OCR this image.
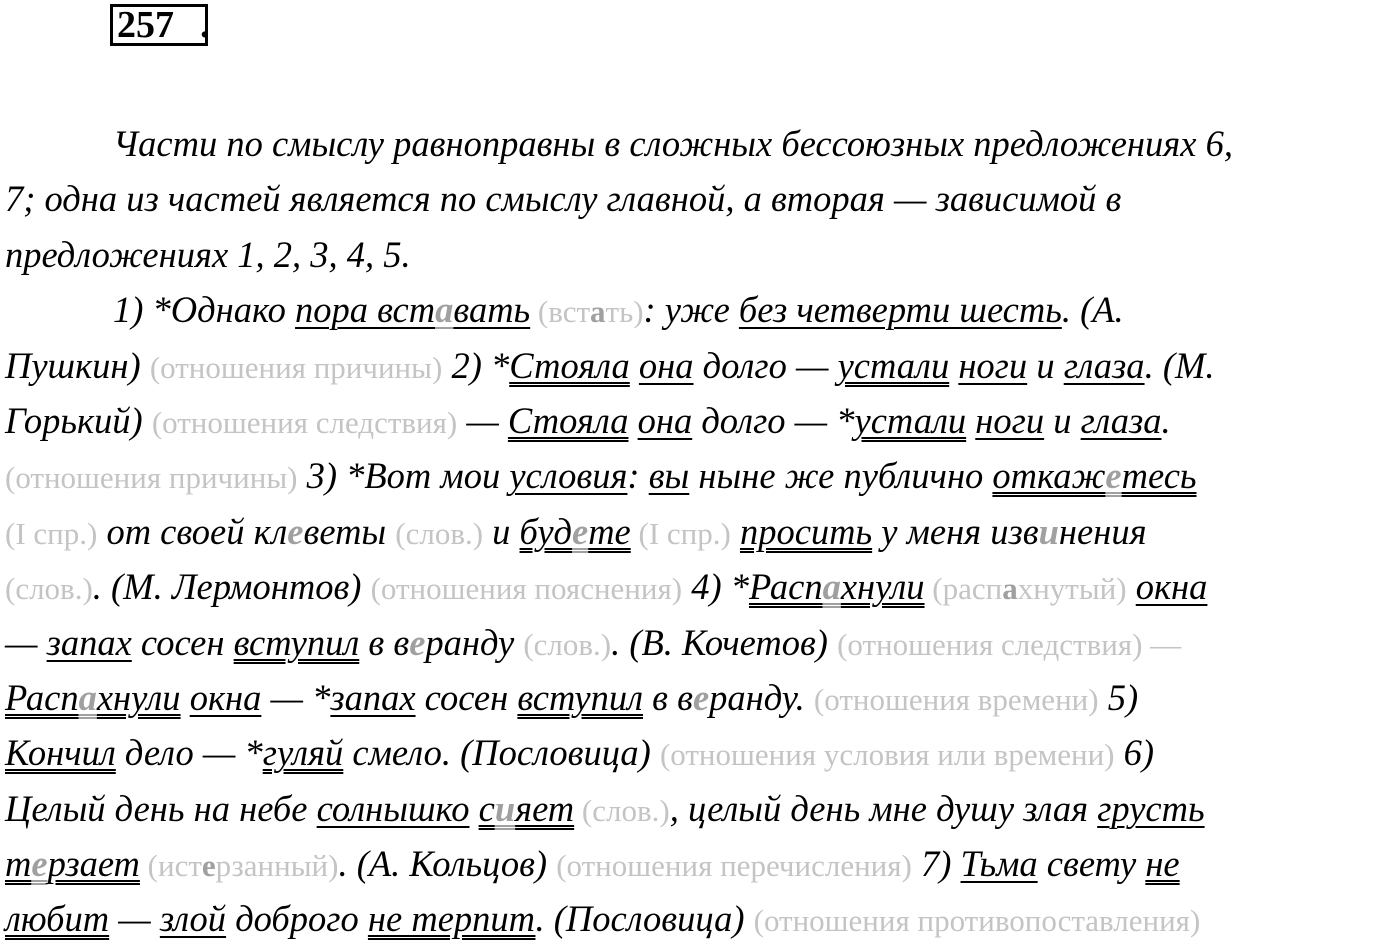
257 .
Части по смыслу равноправны в сложных бессоюзных предложениях 6,
7; одна из частей является по смыслу главной, а вторая — зависимой в
предложениях 1, 2, 3, 4, 5.
1) *Однако пора вставать (встать): уже без четверти шесть. (А.
Пушкин) (отношения причины) 2) *Стояла она долго — устали ноги и глаза. (М.
Горький) (отношения следствия) — Стояла она долго — *устали ноги и глаза.
(отношения причины) 3) *Вот мои условия: вы ныне же публично откажетесь
(I спр.) от своей клеветы (слов.) и будете (I спр.) просить у меня извинения
(слов.). (М. Лермонтов) (отношения пояснения) 4) *Распахнули (распахнутый) окна
— запах сосен вступил в веранду (слов.). (В. Кочетов) (отношения следствия) —
Распахнули окна — *запах сосен вступил в веранду. (отношения времени) 5)
Кончил дело — *гуляй смело. (Пословица) (отношения условия или времени) 6)
Целый день на небе солнышко сияет (слов.), целый день мне душу злая грусть
терзает (истерзанный). (А. Кольцов) (отношения перечисления) 7) Тьма свету не
любит — злой доброго не терпит. (Пословица) (отношения противопоставления)
